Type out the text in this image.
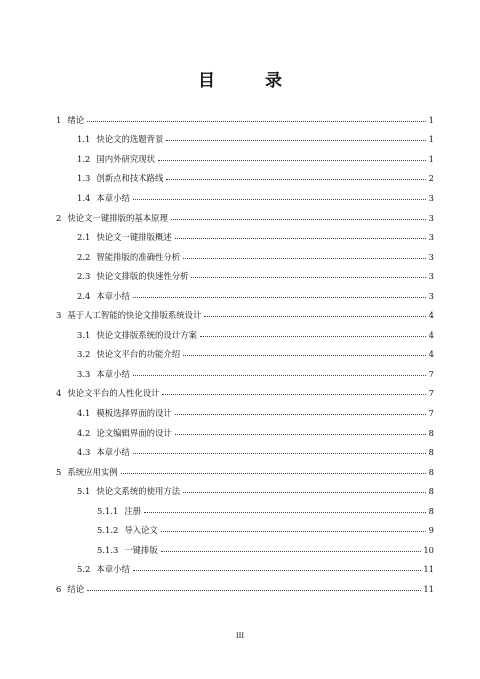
目 录
1 绪论	1
1.1 快论文的选题背景	1
1.2 国内外研究现状	1
1.3 创新点和技术路线	2
1.4 本章小结	3
2 快论文一键排版的基本原理	3
2.1 快论文一键排版概述	3
2.2 智能排版的准确性分析	3
2.3 快论文排版的快速性分析	3
2.4 本章小结	3
3 基于人工智能的快论文排版系统设计	4
3.1 快论文排版系统的设计方案	4
3.2 快论文平台的功能介绍	4
3.3 本章小结	7
4 快论文平台的人性化设计	7
4.1 模板选择界面的设计	7
4.2 论文编辑界面的设计	8
4.3 本章小结	8
5 系统应用实例	8
5.1 快论文系统的使用方法	8
5.1.1 注册	8
5.1.2 导入论文	9
5.1.3 一键排版	10
5.2 本章小结	11
6 结论	11
III
